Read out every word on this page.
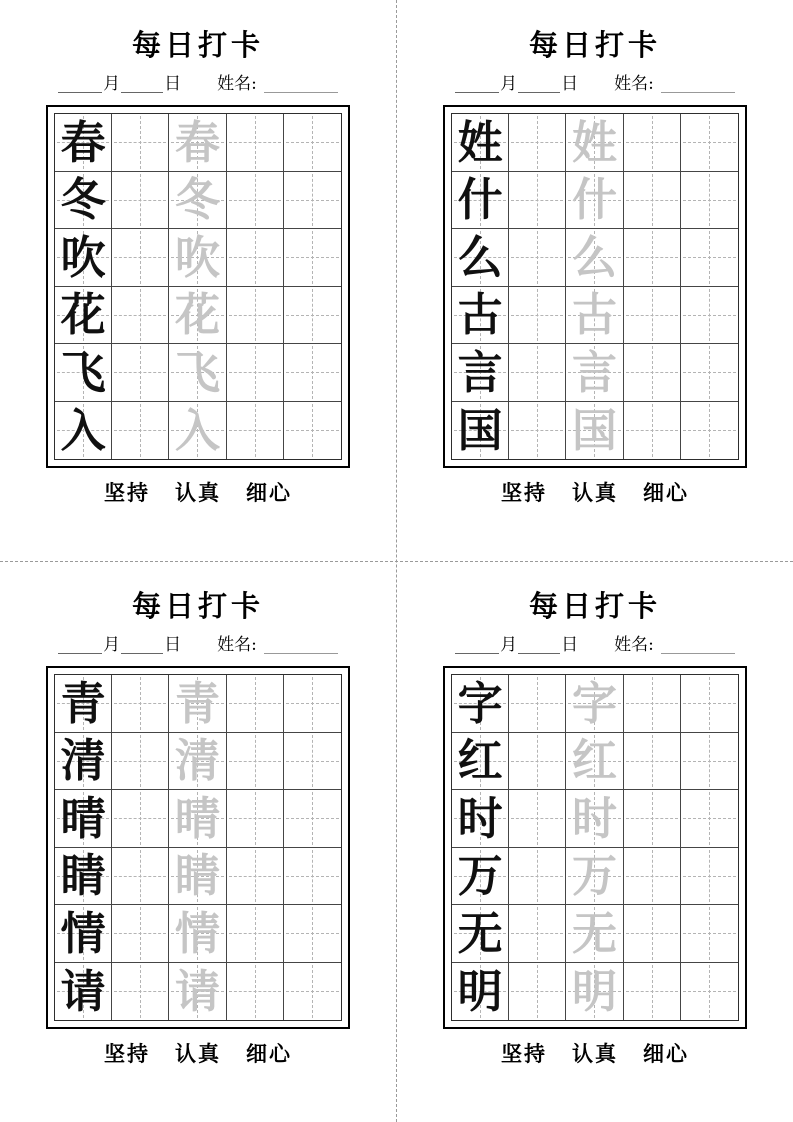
每日打卡
月	日 姓名:
春 春
冬 冬
吹 吹
花 花
飞 飞
入 入
坚持 认真 细心
每日打卡
月	日 姓名:
姓 姓
什 什
么 么
古 古
言 言
国 国
坚持 认真 细心
每日打卡
月	日 姓名:
青 青
清 清
晴 晴
睛 睛
情 情
请 请
坚持 认真 细心
每日打卡
月	日 姓名:
字 字
红 红
时 时
万 万
无 无
明 明
坚持 认真 细心
